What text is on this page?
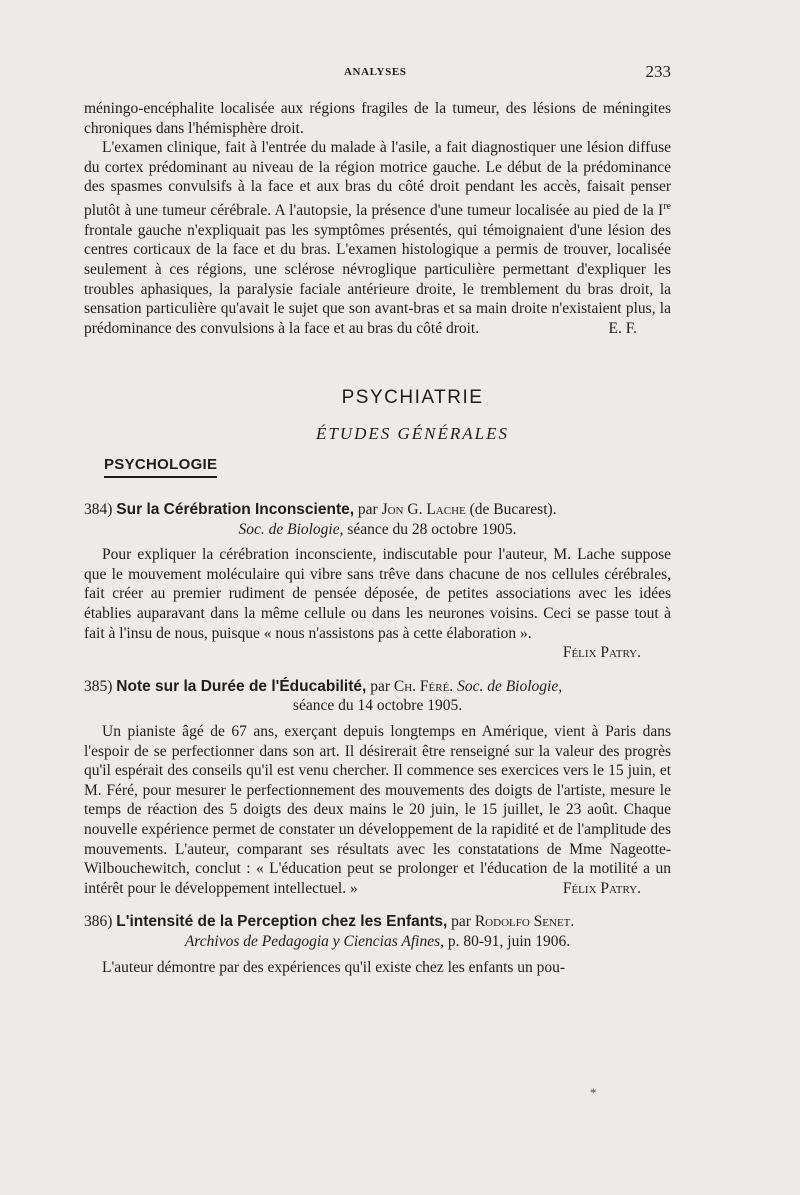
ANALYSES	233

méningo-encéphalite localisée aux régions fragiles de la tumeur, des lésions de méningites chroniques dans l'hémisphère droit.

L'examen clinique, fait à l'entrée du malade à l'asile, a fait diagnostiquer une lésion diffuse du cortex prédominant au niveau de la région motrice gauche. Le début de la prédominance des spasmes convulsifs à la face et aux bras du côté droit pendant les accès, faisait penser plutôt à une tumeur cérébrale. A l'autopsie, la présence d'une tumeur localisée au pied de la Ire frontale gauche n'expliquait pas les symptômes présentés, qui témoignaient d'une lésion des centres corticaux de la face et du bras. L'examen histologique a permis de trouver, localisée seulement à ces régions, une sclérose névroglique particulière permettant d'expliquer les troubles aphasiques, la paralysie faciale antérieure droite, le tremblement du bras droit, la sensation particulière qu'avait le sujet que son avant-bras et sa main droite n'existaient plus, la prédominance des convulsions à la face et au bras du côté droit.	E. F.

PSYCHIATRIE
ÉTUDES GÉNÉRALES
PSYCHOLOGIE
384) Sur la Cérébration Inconsciente, par Jon G. Lache (de Bucarest).
Soc. de Biologie, séance du 28 octobre 1905.

Pour expliquer la cérébration inconsciente, indiscutable pour l'auteur, M. Lache suppose que le mouvement moléculaire qui vibre sans trêve dans chacune de nos cellules cérébrales, fait créer au premier rudiment de pensée déposée, de petites associations avec les idées établies auparavant dans la même cellule ou dans les neurones voisins. Ceci se passe tout à fait à l'insu de nous, puisque « nous n'assistons pas à cette élaboration ».

Félix Patry.

385) Note sur la Durée de l'Éducabilité, par Ch. Féré. Soc. de Biologie,
séance du 14 octobre 1905.

Un pianiste âgé de 67 ans, exerçant depuis longtemps en Amérique, vient à Paris dans l'espoir de se perfectionner dans son art. Il désirerait être renseigné sur la valeur des progrès qu'il espérait des conseils qu'il est venu chercher. Il commence ses exercices vers le 15 juin, et M. Féré, pour mesurer le perfectionnement des mouvements des doigts de l'artiste, mesure le temps de réaction des 5 doigts des deux mains le 20 juin, le 15 juillet, le 23 août. Chaque nouvelle expérience permet de constater un développement de la rapidité et de l'amplitude des mouvements. L'auteur, comparant ses résultats avec les constatations de Mme Nageotte-Wilbouchewitch, conclut : « L'éducation peut se prolonger et l'éducation de la motilité a un intérêt pour le développement intellectuel. »	Félix Patry.

386) L'intensité de la Perception chez les Enfants, par Rodolfo Senet.
Archivos de Pedagogia y Ciencias Afines, p. 80-91, juin 1906.

L'auteur démontre par des expériences qu'il existe chez les enfants un pou-

*
